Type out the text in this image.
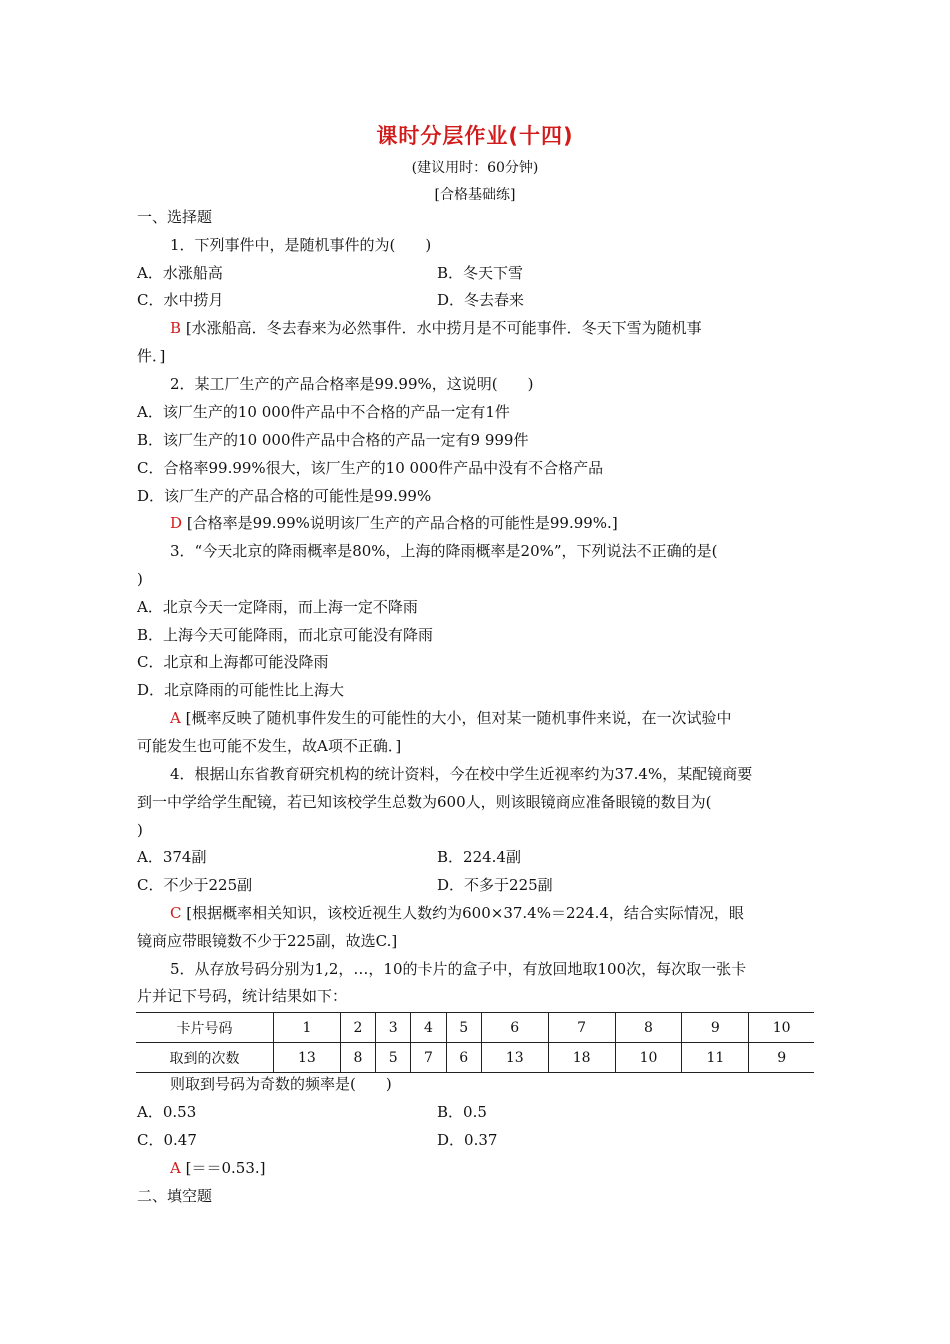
课时分层作业(十四)
(建议用时：60分钟)
[合格基础练]
一、选择题
1．下列事件中，是随机事件的为(　　)
A．水涨船高	B．冬天下雪
C．水中捞月	D．冬去春来
B [水涨船高．冬去春来为必然事件．水中捞月是不可能事件．冬天下雪为随机事
件．]
2．某工厂生产的产品合格率是99.99%，这说明(　　)
A．该厂生产的10 000件产品中不合格的产品一定有1件
B．该厂生产的10 000件产品中合格的产品一定有9 999件
C．合格率99.99%很大，该厂生产的10 000件产品中没有不合格产品
D．该厂生产的产品合格的可能性是99.99%
D [合格率是99.99%说明该厂生产的产品合格的可能性是99.99%.]
3．“今天北京的降雨概率是80%，上海的降雨概率是20%”，下列说法不正确的是(
)
A．北京今天一定降雨，而上海一定不降雨
B．上海今天可能降雨，而北京可能没有降雨
C．北京和上海都可能没降雨
D．北京降雨的可能性比上海大
A [概率反映了随机事件发生的可能性的大小，但对某一随机事件来说，在一次试验中
可能发生也可能不发生，故A项不正确．]
4．根据山东省教育研究机构的统计资料，今在校中学生近视率约为37.4%，某配镜商要
到一中学给学生配镜，若已知该校学生总数为600人，则该眼镜商应准备眼镜的数目为(
)
A．374副	B．224.4副
C．不少于225副	D．不多于225副
C [根据概率相关知识，该校近视生人数约为600×37.4%＝224.4，结合实际情况，眼
镜商应带眼镜数不少于225副，故选C.]
5．从存放号码分别为1,2，…，10的卡片的盒子中，有放回地取100次，每次取一张卡
片并记下号码，统计结果如下：
卡片号码	1	2	3	4	5	6	7	8	9	10
取到的次数	13	8	5	7	6	13	18	10	11	9
则取到号码为奇数的频率是(　　)
A．0.53	B．0.5
C．0.47	D．0.37
A [＝＝0.53.]
二、填空题
